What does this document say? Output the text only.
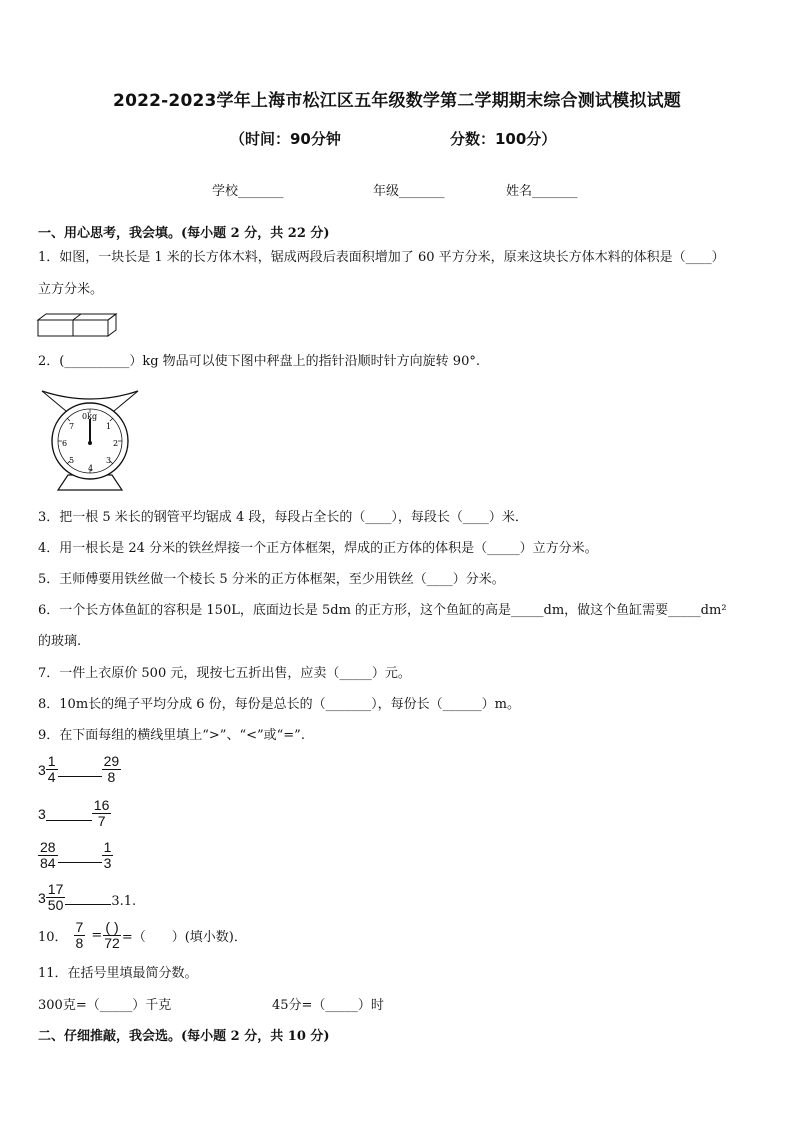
2022-2023学年上海市松江区五年级数学第二学期期末综合测试模拟试题
（时间：90分钟	分数：100分）
学校_______	年级_______	姓名_______
一、用心思考，我会填。(每小题 2 分，共 22 分)
1．如图，一块长是 1 米的长方体木料，锯成两段后表面积增加了 60 平方分米，原来这块长方体木料的体积是（____）
立方分米。
2．(__________）kg 物品可以使下图中秤盘上的指针沿顺时针方向旋转 90°.
0kg
1
2
3
4
5
6
7
3．把一根 5 米长的钢管平均锯成 4 段，每段占全长的（____），每段长（____）米．
4．用一根长是 24 分米的铁丝焊接一个正方体框架，焊成的正方体的体积是（_____）立方分米。
5．王师傅要用铁丝做一个棱长 5 分米的正方体框架，至少用铁丝（____）分米。
6．一个长方体鱼缸的容积是 150L，底面边长是 5dm 的正方形，这个鱼缸的高是_____dm，做这个鱼缸需要_____dm²
的玻璃.
7．一件上衣原价 500 元，现按七五折出售，应卖（_____）元。
8．10m长的绳子平均分成 6 份，每份是总长的（_______），每份长（______）m。
9．在下面每组的横线里填上“>”、“<”或“=”.
$3 \frac{1}{4}$	$\frac{29}{8}$
3	$\frac{16}{7}$
$\frac{28}{84}$	$\frac{1}{3}$
$3 \frac{17}{50}$	3.1.
10． $\frac{7}{8} = \frac{( )}{72}$ =（　　）(填小数)．
11．在括号里填最简分数。
300克=（_____）千克	45分=（_____）时
二、仔细推敲，我会选。(每小题 2 分，共 10 分)
